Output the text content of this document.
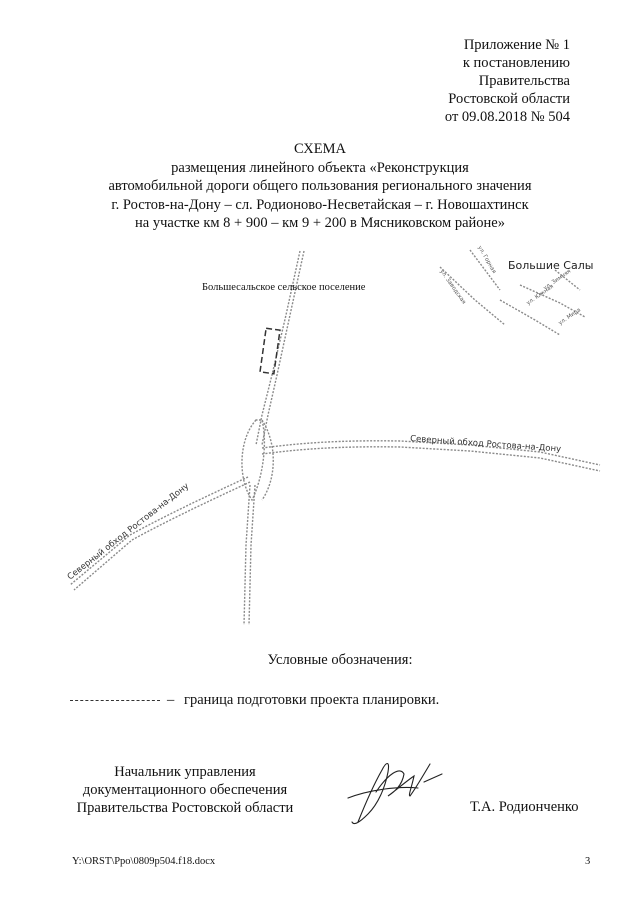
Приложение № 1
к постановлению
Правительства
Ростовской области
от 09.08.2018 № 504
СХЕМА
размещения линейного объекта «Реконструкция
автомобильной дороги общего пользования регионального значения
г. Ростов-на-Дону – сл. Родионово-Несветайская – г. Новошахтинск
на участке км 8 + 900 – км 9 + 200 в Мясниковском районе»
Большесальское сельское поселение
Большие Салы
Северный обход Ростова-на-Дону
Северный обход Ростова-на-Дону
ул. Горная
ул. Заводская	ул. Зимняя
ул. Южная
ул. Мира
Условные обозначения:
– граница подготовки проекта планировки.
Начальник управления
документационного обеспечения
Правительства Ростовской области	Т.А. Родионченко
Y:\ORST\Ppo\0809p504.f18.docx	3
